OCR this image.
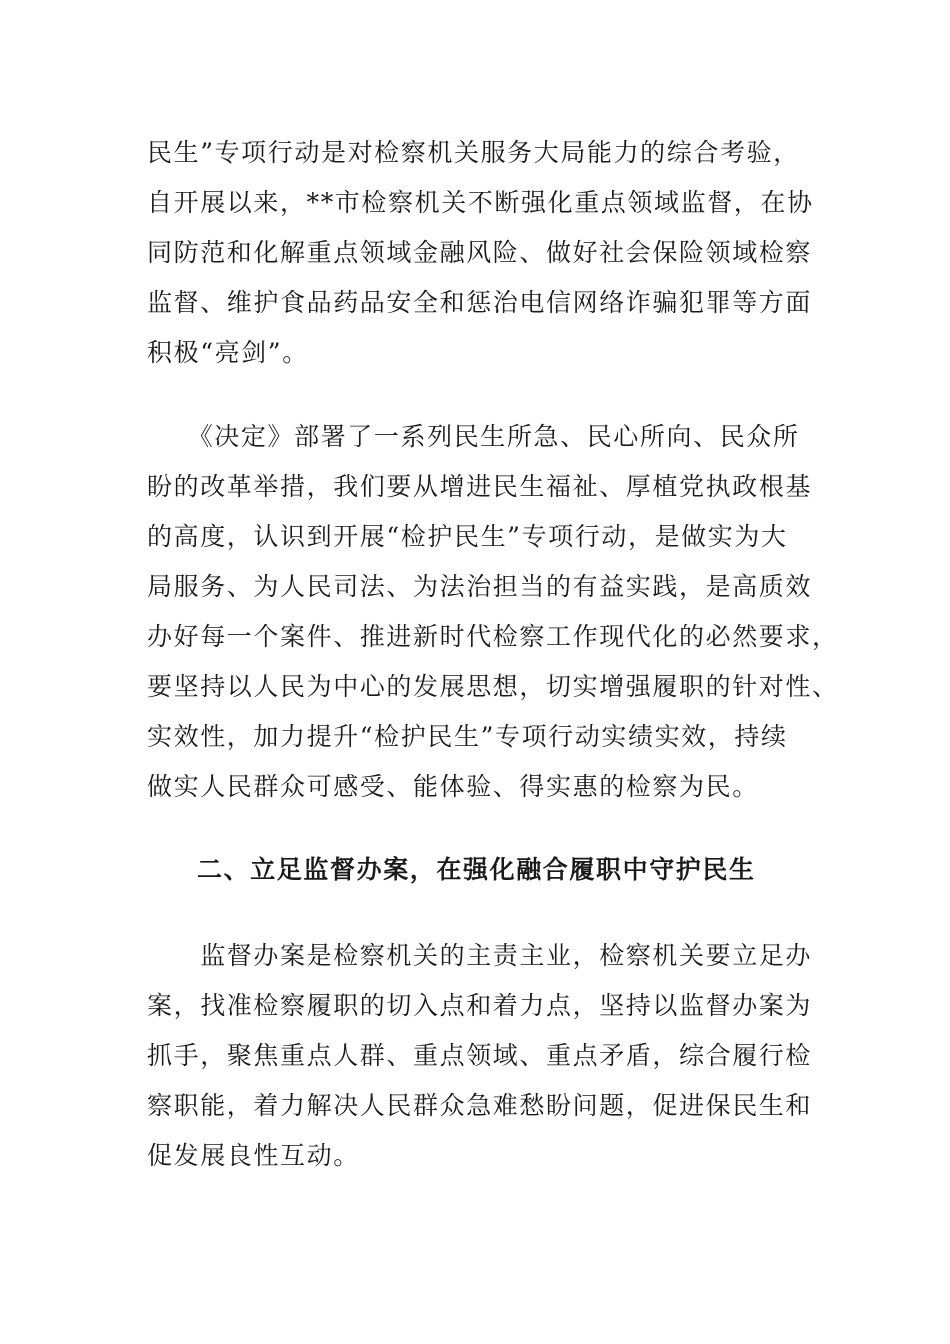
民生”专项行动是对检察机关服务大局能力的综合考验，
自开展以来，**市检察机关不断强化重点领域监督，在协
同防范和化解重点领域金融风险、做好社会保险领域检察
监督、维护食品药品安全和惩治电信网络诈骗犯罪等方面
积极“亮剑”。
　　《决定》部署了一系列民生所急、民心所向、民众所
盼的改革举措，我们要从增进民生福祉、厚植党执政根基
的高度，认识到开展“检护民生”专项行动，是做实为大
局服务、为人民司法、为法治担当的有益实践，是高质效
办好每一个案件、推进新时代检察工作现代化的必然要求，
要坚持以人民为中心的发展思想，切实增强履职的针对性、
实效性，加力提升“检护民生”专项行动实绩实效，持续
做实人民群众可感受、能体验、得实惠的检察为民。
二、立足监督办案，在强化融合履职中守护民生
　　监督办案是检察机关的主责主业，检察机关要立足办
案，找准检察履职的切入点和着力点，坚持以监督办案为
抓手，聚焦重点人群、重点领域、重点矛盾，综合履行检
察职能，着力解决人民群众急难愁盼问题，促进保民生和
促发展良性互动。
